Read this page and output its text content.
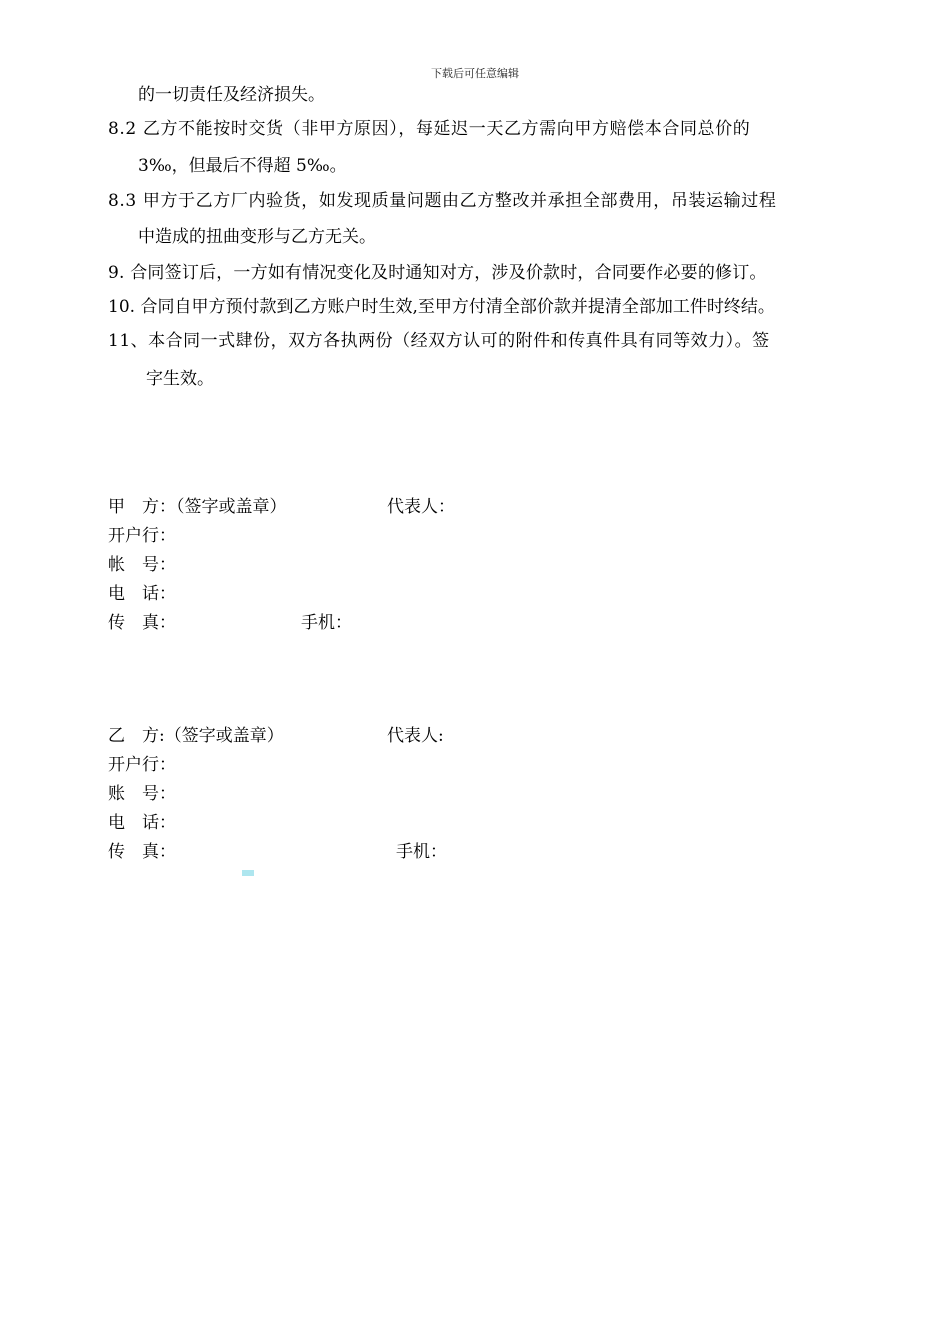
下载后可任意编辑
的一切责任及经济损失。
8.2 乙方不能按时交货（非甲方原因），每延迟一天乙方需向甲方赔偿本合同总价的
3‰，但最后不得超 5‰。
8.3 甲方于乙方厂内验货，如发现质量问题由乙方整改并承担全部费用，吊装运输过程
中造成的扭曲变形与乙方无关。
9. 合同签订后，一方如有情况变化及时通知对方，涉及价款时，合同要作必要的修订。
10. 合同自甲方预付款到乙方账户时生效,至甲方付清全部价款并提清全部加工件时终结。
11、本合同一式肆份，双方各执两份（经双方认可的附件和传真件具有同等效力）。签
字生效。
甲　方：（签字或盖章）	代表人：
开户行：
帐　号：
电　话：
传　真：	手机：
乙　方:（签字或盖章）	代表人:
开户行：
账　号：
电　话：
传　真：	手机：
